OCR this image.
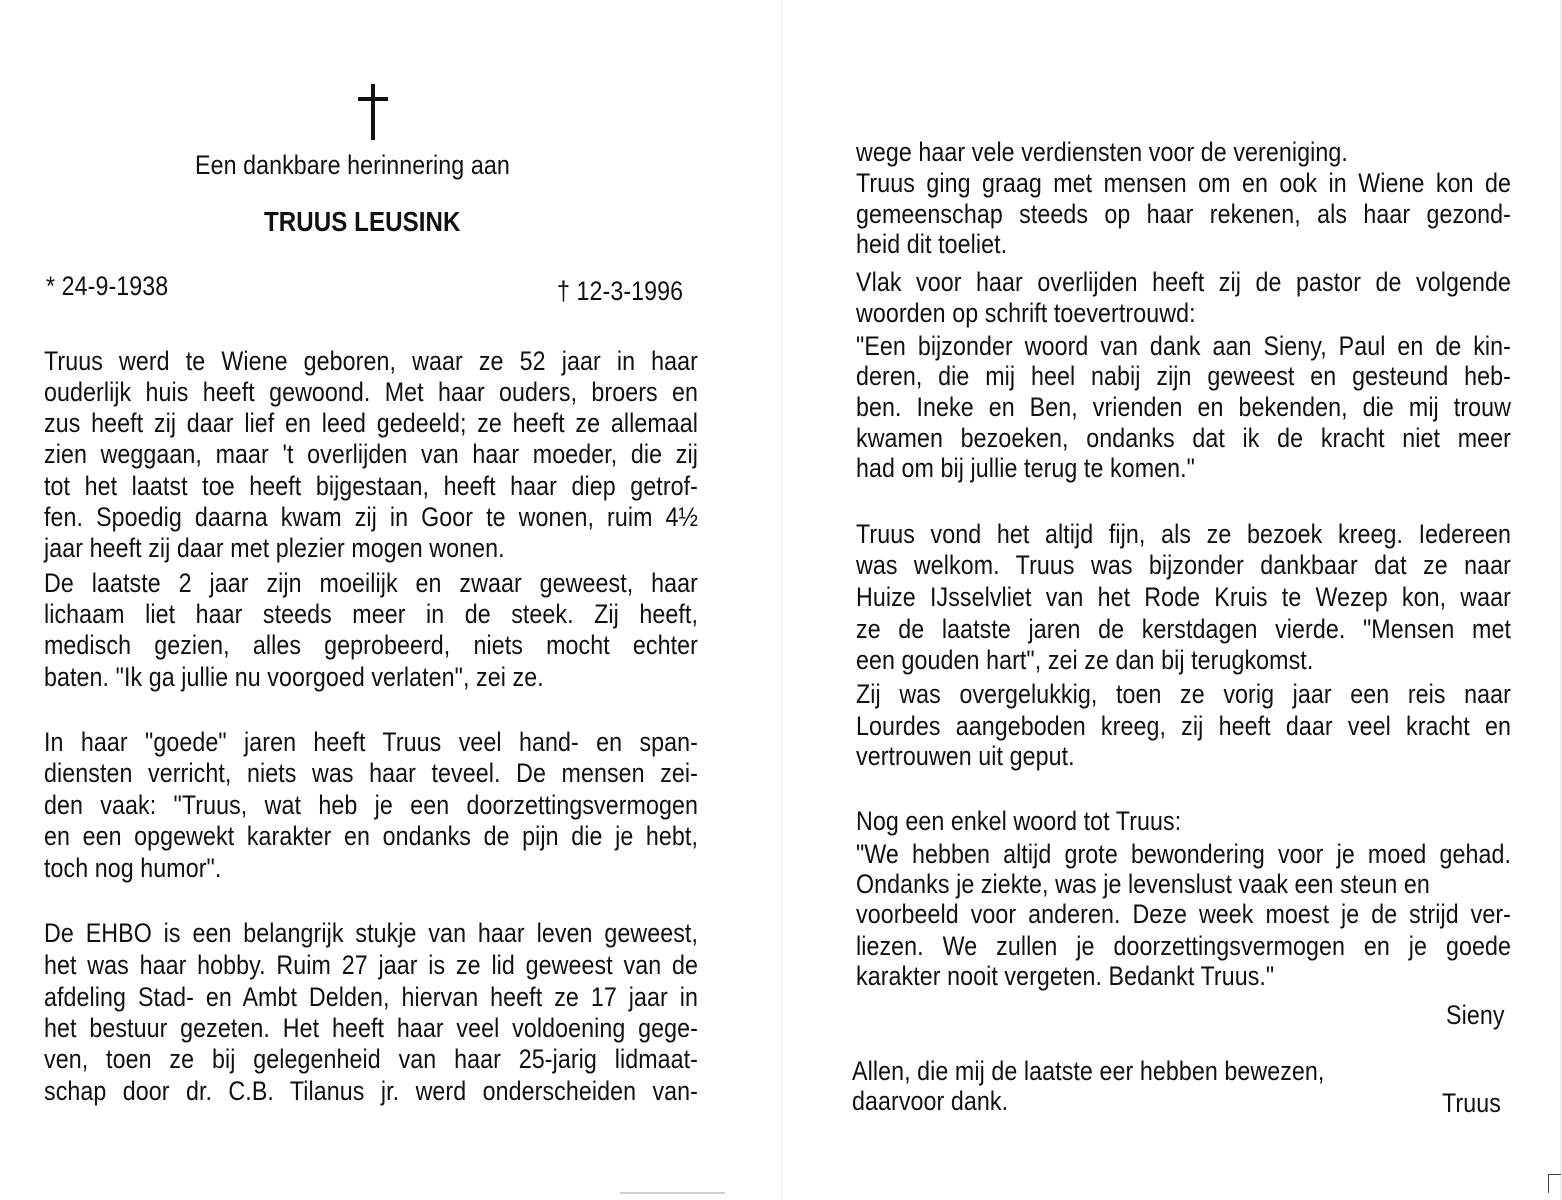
Een dankbare herinnering aan
TRUUS LEUSINK
* 24-9-1938	† 12-3-1996
Truus werd te Wiene geboren, waar ze 52 jaar in haar
ouderlijk huis heeft gewoond. Met haar ouders, broers en
zus heeft zij daar lief en leed gedeeld; ze heeft ze allemaal
zien weggaan, maar 't overlijden van haar moeder, die zij
tot het laatst toe heeft bijgestaan, heeft haar diep getrof-
fen. Spoedig daarna kwam zij in Goor te wonen, ruim 4½
jaar heeft zij daar met plezier mogen wonen.
De laatste 2 jaar zijn moeilijk en zwaar geweest, haar
lichaam liet haar steeds meer in de steek. Zij heeft,
medisch gezien, alles geprobeerd, niets mocht echter
baten. "Ik ga jullie nu voorgoed verlaten", zei ze.
In haar "goede" jaren heeft Truus veel hand- en span-
diensten verricht, niets was haar teveel. De mensen zei-
den vaak: "Truus, wat heb je een doorzettingsvermogen
en een opgewekt karakter en ondanks de pijn die je hebt,
toch nog humor".
De EHBO is een belangrijk stukje van haar leven geweest,
het was haar hobby. Ruim 27 jaar is ze lid geweest van de
afdeling Stad- en Ambt Delden, hiervan heeft ze 17 jaar in
het bestuur gezeten. Het heeft haar veel voldoening gege-
ven, toen ze bij gelegenheid van haar 25-jarig lidmaat-
schap door dr. C.B. Tilanus jr. werd onderscheiden van-
wege haar vele verdiensten voor de vereniging.
Truus ging graag met mensen om en ook in Wiene kon de
gemeenschap steeds op haar rekenen, als haar gezond-
heid dit toeliet.
Vlak voor haar overlijden heeft zij de pastor de volgende
woorden op schrift toevertrouwd:
"Een bijzonder woord van dank aan Sieny, Paul en de kin-
deren, die mij heel nabij zijn geweest en gesteund heb-
ben. Ineke en Ben, vrienden en bekenden, die mij trouw
kwamen bezoeken, ondanks dat ik de kracht niet meer
had om bij jullie terug te komen."
Truus vond het altijd fijn, als ze bezoek kreeg. Iedereen
was welkom. Truus was bijzonder dankbaar dat ze naar
Huize IJsselvliet van het Rode Kruis te Wezep kon, waar
ze de laatste jaren de kerstdagen vierde. "Mensen met
een gouden hart", zei ze dan bij terugkomst.
Zij was overgelukkig, toen ze vorig jaar een reis naar
Lourdes aangeboden kreeg, zij heeft daar veel kracht en
vertrouwen uit geput.
Nog een enkel woord tot Truus:
"We hebben altijd grote bewondering voor je moed gehad.
Ondanks je ziekte, was je levenslust vaak een steun en
voorbeeld voor anderen. Deze week moest je de strijd ver-
liezen. We zullen je doorzettingsvermogen en je goede
karakter nooit vergeten. Bedankt Truus."
Sieny
Allen, die mij de laatste eer hebben bewezen,
daarvoor dank.	Truus
